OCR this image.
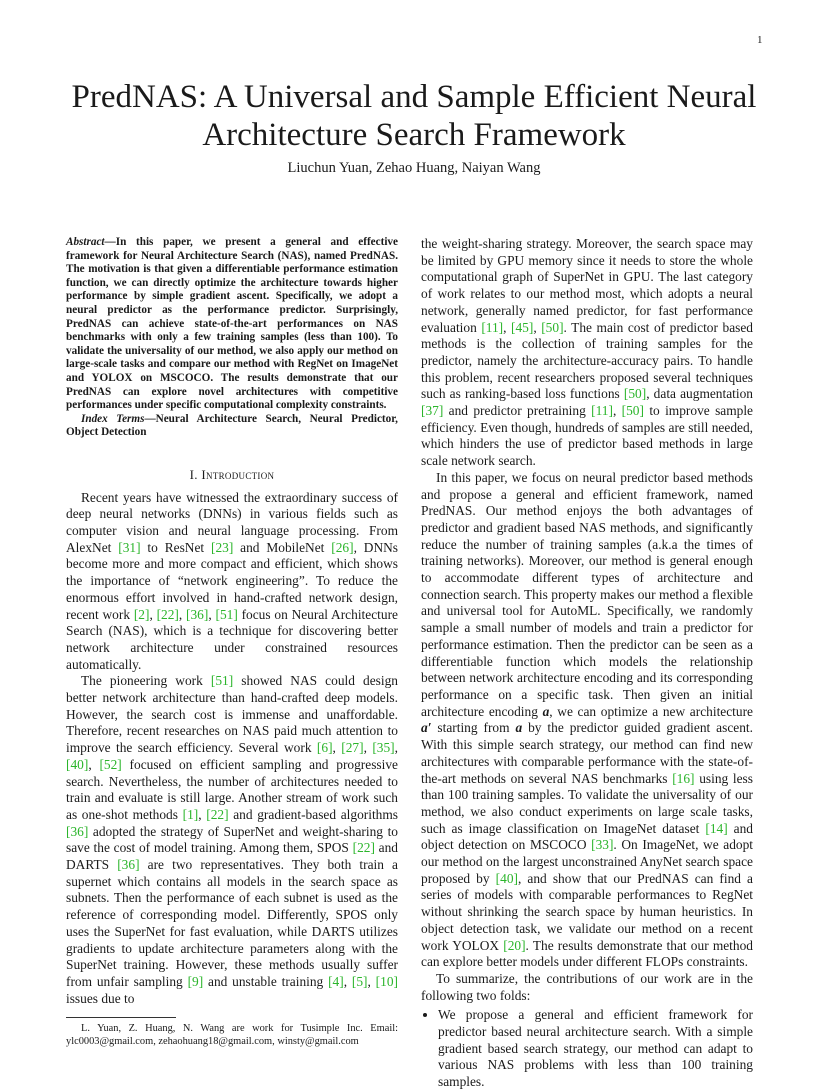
1
PredNAS: A Universal and Sample Efficient Neural Architecture Search Framework
Liuchun Yuan, Zehao Huang, Naiyan Wang

Abstract—In this paper, we present a general and effective framework for Neural Architecture Search (NAS), named PredNAS. The motivation is that given a differentiable performance estimation function, we can directly optimize the architecture towards higher performance by simple gradient ascent. Specifically, we adopt a neural predictor as the performance predictor. Surprisingly, PredNAS can achieve state-of-the-art performances on NAS benchmarks with only a few training samples (less than 100). To validate the universality of our method, we also apply our method on large-scale tasks and compare our method with RegNet on ImageNet and YOLOX on MSCOCO. The results demonstrate that our PredNAS can explore novel architectures with competitive performances under specific computational complexity constraints.

Index Terms—Neural Architecture Search, Neural Predictor, Object Detection

I. Introduction

Recent years have witnessed the extraordinary success of deep neural networks (DNNs) in various fields such as computer vision and neural language processing. From AlexNet [31] to ResNet [23] and MobileNet [26], DNNs become more and more compact and efficient, which shows the importance of “network engineering”. To reduce the enormous effort involved in hand-crafted network design, recent work [2], [22], [36], [51] focus on Neural Architecture Search (NAS), which is a technique for discovering better network architecture under constrained resources automatically.

The pioneering work [51] showed NAS could design better network architecture than hand-crafted deep models. However, the search cost is immense and unaffordable. Therefore, recent researches on NAS paid much attention to improve the search efficiency. Several work [6], [27], [35], [40], [52] focused on efficient sampling and progressive search. Nevertheless, the number of architectures needed to train and evaluate is still large. Another stream of work such as one-shot methods [1], [22] and gradient-based algorithms [36] adopted the strategy of SuperNet and weight-sharing to save the cost of model training. Among them, SPOS [22] and DARTS [36] are two representatives. They both train a supernet which contains all models in the search space as subnets. Then the performance of each subnet is used as the reference of corresponding model. Differently, SPOS only uses the SuperNet for fast evaluation, while DARTS utilizes gradients to update architecture parameters along with the SuperNet training. However, these methods usually suffer from unfair sampling [9] and unstable training [4], [5], [10] issues due to

L. Yuan, Z. Huang, N. Wang are work for Tusimple Inc. Email: ylc0003@gmail.com, zehaohuang18@gmail.com, winsty@gmail.com

the weight-sharing strategy. Moreover, the search space may be limited by GPU memory since it needs to store the whole computational graph of SuperNet in GPU. The last category of work relates to our method most, which adopts a neural network, generally named predictor, for fast performance evaluation [11], [45], [50]. The main cost of predictor based methods is the collection of training samples for the predictor, namely the architecture-accuracy pairs. To handle this problem, recent researchers proposed several techniques such as ranking-based loss functions [50], data augmentation [37] and predictor pretraining [11], [50] to improve sample efficiency. Even though, hundreds of samples are still needed, which hinders the use of predictor based methods in large scale network search.

In this paper, we focus on neural predictor based methods and propose a general and efficient framework, named PredNAS. Our method enjoys the both advantages of predictor and gradient based NAS methods, and significantly reduce the number of training samples (a.k.a the times of training networks). Moreover, our method is general enough to accommodate different types of architecture and connection search. This property makes our method a flexible and universal tool for AutoML. Specifically, we randomly sample a small number of models and train a predictor for performance estimation. Then the predictor can be seen as a differentiable function which models the relationship between network architecture encoding and its corresponding performance on a specific task. Then given an initial architecture encoding a, we can optimize a new architecture a′ starting from a by the predictor guided gradient ascent. With this simple search strategy, our method can find new architectures with comparable performance with the state-of-the-art methods on several NAS benchmarks [16] using less than 100 training samples. To validate the universality of our method, we also conduct experiments on large scale tasks, such as image classification on ImageNet dataset [14] and object detection on MSCOCO [33]. On ImageNet, we adopt our method on the largest unconstrained AnyNet search space proposed by [40], and show that our PredNAS can find a series of models with comparable performances to RegNet without shrinking the search space by human heuristics. In object detection task, we validate our method on a recent work YOLOX [20]. The results demonstrate that our method can explore better models under different FLOPs constraints.

To summarize, the contributions of our work are in the following two folds:

• We propose a general and efficient framework for predictor based neural architecture search. With a simple gradient based search strategy, our method can adapt to various NAS problems with less than 100 training samples.
